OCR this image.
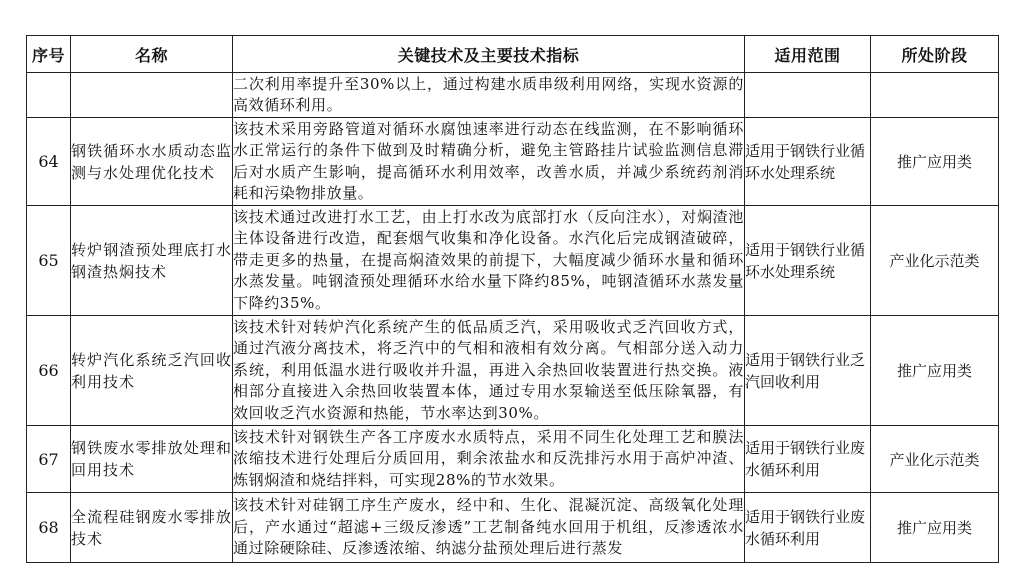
序号	名称	关键技术及主要技术指标	适用范围	所处阶段
		二次利用率提升至30%以上，通过构建水质串级利用网络，实现水资源的高效循环利用。		
64	钢铁循环水水质动态监测与水处理优化技术	该技术采用旁路管道对循环水腐蚀速率进行动态在线监测，在不影响循环水正常运行的条件下做到及时精确分析，避免主管路挂片试验监测信息滞后对水质产生影响，提高循环水利用效率，改善水质，并减少系统药剂消耗和污染物排放量。	适用于钢铁行业循环水处理系统	推广应用类
65	转炉钢渣预处理底打水钢渣热焖技术	该技术通过改进打水工艺，由上打水改为底部打水（反向注水），对焖渣池主体设备进行改造，配套烟气收集和净化设备。水汽化后完成钢渣破碎，带走更多的热量，在提高焖渣效果的前提下，大幅度减少循环水量和循环水蒸发量。吨钢渣预处理循环水给水量下降约85%，吨钢渣循环水蒸发量下降约35%。	适用于钢铁行业循环水处理系统	产业化示范类
66	转炉汽化系统乏汽回收利用技术	该技术针对转炉汽化系统产生的低品质乏汽，采用吸收式乏汽回收方式，通过汽液分离技术，将乏汽中的气相和液相有效分离。气相部分送入动力系统，利用低温水进行吸收并升温，再进入余热回收装置进行热交换。液相部分直接进入余热回收装置本体，通过专用水泵输送至低压除氧器，有效回收乏汽水资源和热能，节水率达到30%。	适用于钢铁行业乏汽回收利用	推广应用类
67	钢铁废水零排放处理和回用技术	该技术针对钢铁生产各工序废水水质特点，采用不同生化处理工艺和膜法浓缩技术进行处理后分质回用，剩余浓盐水和反洗排污水用于高炉冲渣、炼钢焖渣和烧结拌料，可实现28%的节水效果。	适用于钢铁行业废水循环利用	产业化示范类
68	全流程硅钢废水零排放技术	该技术针对硅钢工序生产废水，经中和、生化、混凝沉淀、高级氧化处理后，产水通过“超滤+三级反渗透”工艺制备纯水回用于机组，反渗透浓水通过除硬除硅、反渗透浓缩、纳滤分盐预处理后进行蒸发	适用于钢铁行业废水循环利用	推广应用类
